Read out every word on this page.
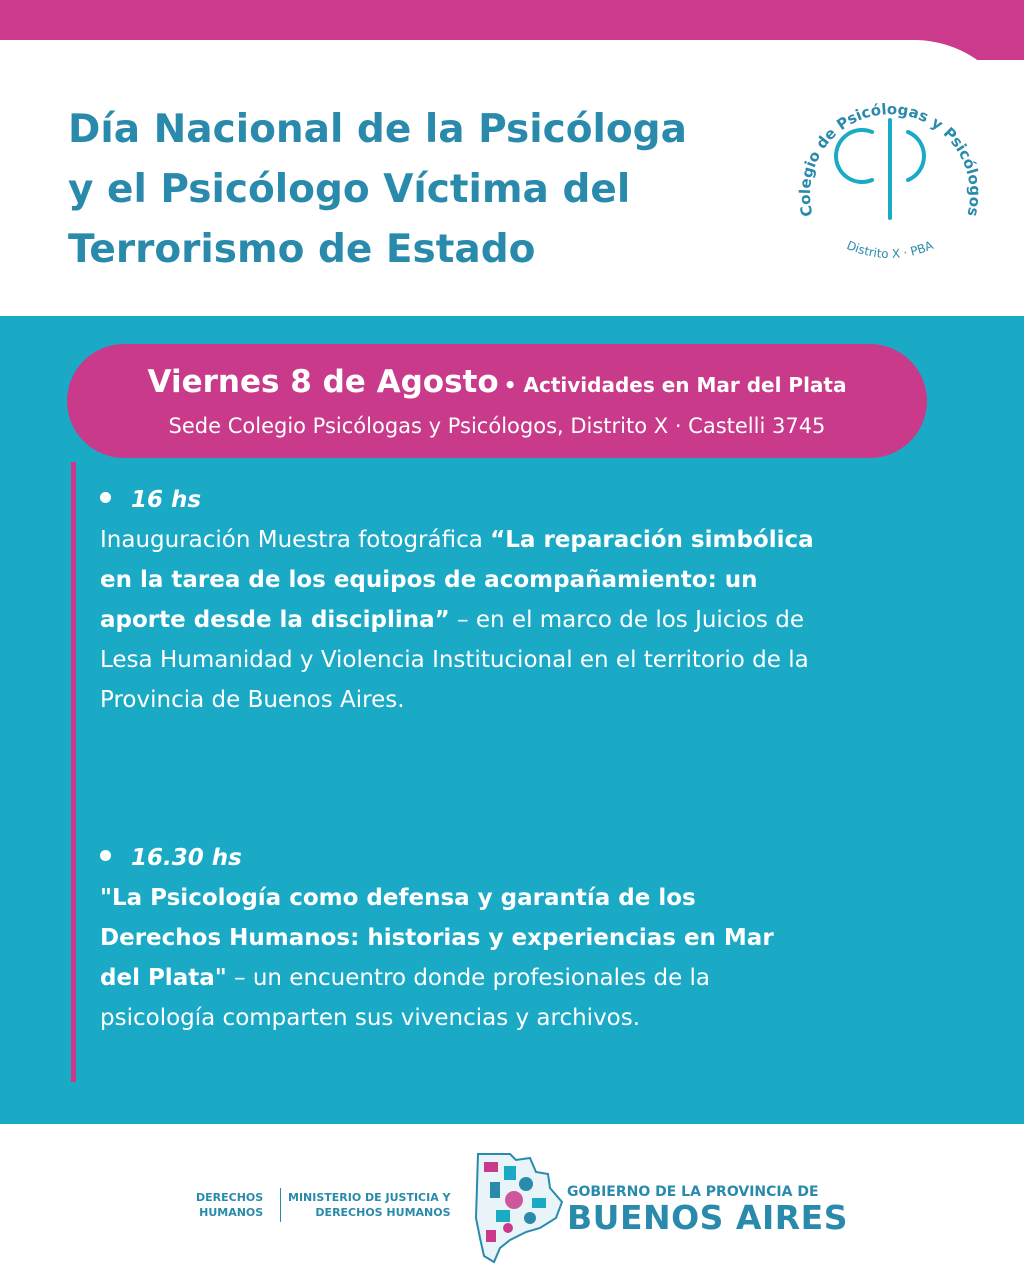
Día Nacional de la Psicóloga
y el Psicólogo Víctima del
Terrorismo de Estado
Colegio de Psicólogas y Psicólogos
Distrito X · PBA
Viernes 8 de Agosto • Actividades en Mar del Plata
Sede Colegio Psicólogas y Psicólogos, Distrito X · Castelli 3745
16 hs
Inauguración Muestra fotográfica “La reparación simbólica en la tarea de los equipos de acompañamiento: un aporte desde la disciplina” – en el marco de los Juicios de Lesa Humanidad y Violencia Institucional en el territorio de la Provincia de Buenos Aires.
16.30 hs
"La Psicología como defensa y garantía de los Derechos Humanos: historias y experiencias en Mar del Plata" – un encuentro donde profesionales de la psicología comparten sus vivencias y archivos.
DERECHOS
HUMANOS
MINISTERIO DE JUSTICIA Y
DERECHOS HUMANOS
GOBIERNO DE LA PROVINCIA DE
BUENOS AIRES
